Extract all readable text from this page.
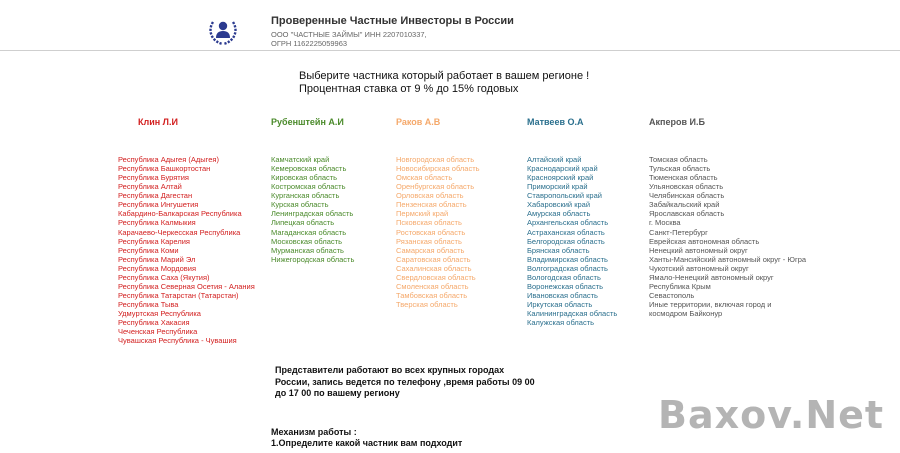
Проверенные Частные Инвесторы в России
ООО "ЧАСТНЫЕ ЗАЙМЫ" ИНН 2207010337,
ОГРН 1162225059963
Выберите частника который работает в вашем регионе !
Процентная ставка от 9 % до 15% годовых
Клин Л.И
Республика Адыгея (Адыгея)
Республика Башкортостан
Республика Бурятия
Республика Алтай
Республика Дагестан
Республика Ингушетия
Кабардино-Балкарская Республика
Республика Калмыкия
Карачаево-Черкесская Республика
Республика Карелия
Республика Коми
Республика Марий Эл
Республика Мордовия
Республика Саха (Якутия)
Республика Северная Осетия - Алания
Республика Татарстан (Татарстан)
Республика Тыва
Удмуртская Республика
Республика Хакасия
Чеченская Республика
Чувашская Республика - Чувашия
Рубенштейн А.И
Камчатский край
Кемеровская область
Кировская область
Костромская область
Курганская область
Курская область
Ленинградская область
Липецкая область
Магаданская область
Московская область
Мурманская область
Нижегородская область
Раков А.В
Новгородская область
Новосибирская область
Омская область
Оренбургская область
Орловская область
Пензенская область
Пермский край
Псковская область
Ростовская область
Рязанская область
Самарская область
Саратовская область
Сахалинская область
Свердловская область
Смоленская область
Тамбовская область
Тверская область
Матвеев О.А
Алтайский край
Краснодарский край
Красноярский край
Приморский край
Ставропольский край
Хабаровский край
Амурская область
Архангельская область
Астраханская область
Белгородская область
Брянская область
Владимирская область
Волгоградская область
Вологодская область
Воронежская область
Ивановская область
Иркутская область
Калининградская область
Калужская область
Акперов И.Б
Томская область
Тульская область
Тюменская область
Ульяновская область
Челябинская область
Забайкальский край
Ярославская область
г. Москва
Санкт-Петербург
Еврейская автономная область
Ненецкий автономный округ
Ханты-Мансийский автономный округ - Югра
Чукотский автономный округ
Ямало-Ненецкий автономный округ
Республика Крым
Севастополь
Иные территории, включая город и
космодром Байконур
Представители работают во всех крупных городах
России, запись ведется по телефону ,время работы 09 00
до 17 00 по вашему региону
Механизм работы :
1.Определите какой частник вам подходит
Baxov.Net
